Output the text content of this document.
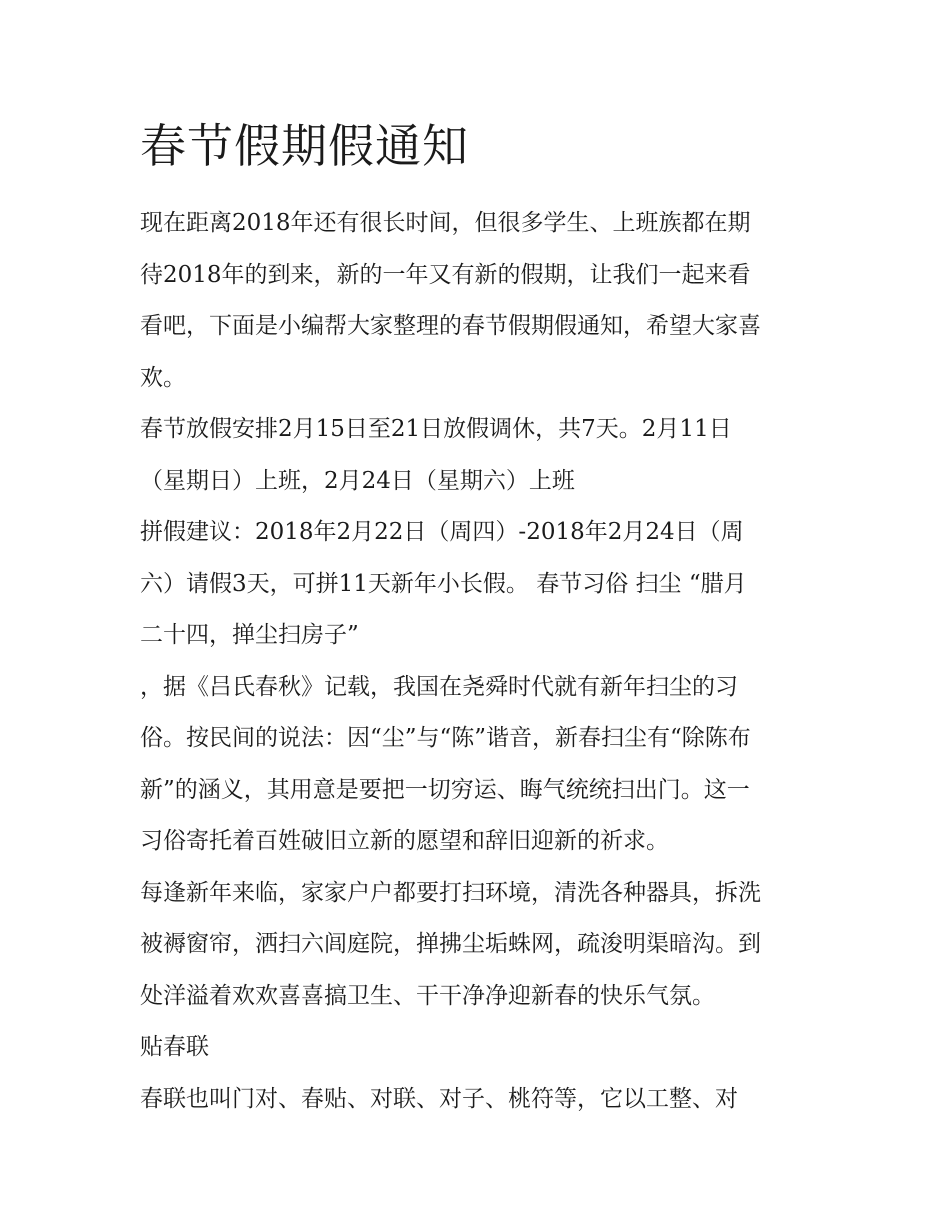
春节假期假通知
现在距离2018年还有很长时间，但很多学生、上班族都在期
待2018年的到来，新的一年又有新的假期，让我们一起来看
看吧，下面是小编帮大家整理的春节假期假通知，希望大家喜
欢。
春节放假安排2月15日至21日放假调休，共7天。2月11日
（星期日）上班，2月24日（星期六）上班
拼假建议：2018年2月22日（周四）-2018年2月24日（周
六）请假3天，可拼11天新年小长假。 春节习俗 扫尘 “腊月
二十四，掸尘扫房子”
，据《吕氏春秋》记载，我国在尧舜时代就有新年扫尘的习
俗。按民间的说法：因“尘”与“陈”谐音，新春扫尘有“除陈布
新”的涵义，其用意是要把一切穷运、晦气统统扫出门。这一
习俗寄托着百姓破旧立新的愿望和辞旧迎新的祈求。
每逢新年来临，家家户户都要打扫环境，清洗各种器具，拆洗
被褥窗帘，洒扫六闾庭院，掸拂尘垢蛛网，疏浚明渠暗沟。到
处洋溢着欢欢喜喜搞卫生、干干净净迎新春的快乐气氛。
贴春联
春联也叫门对、春贴、对联、对子、桃符等，它以工整、对
